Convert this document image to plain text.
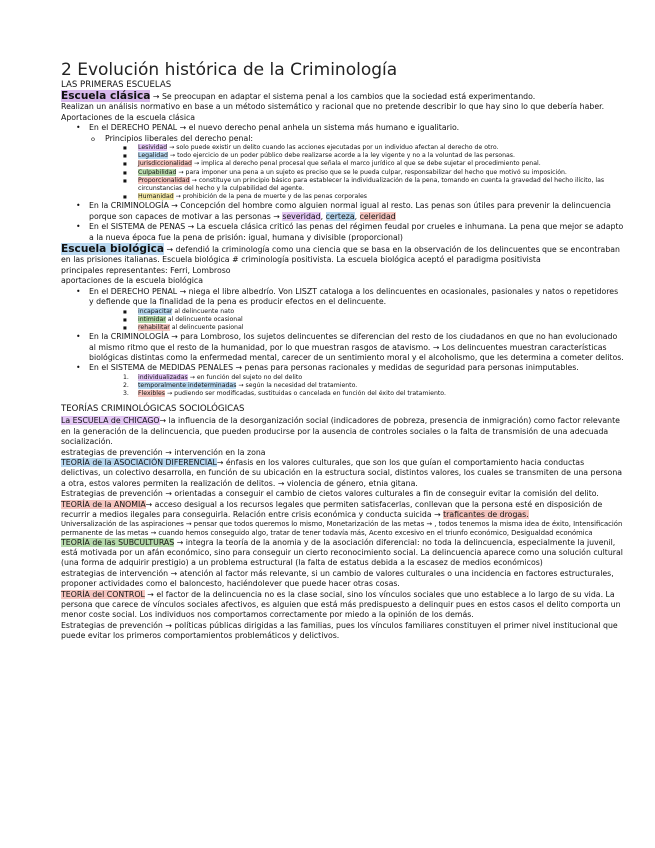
2 Evolución histórica de la Criminología
LAS PRIMERAS ESCUELAS

Escuela clásica → Se preocupan en adaptar el sistema penal a los cambios que la sociedad está experimentando.

Realizan un análisis normativo en base a un método sistemático y racional que no pretende describir lo que hay sino lo que debería haber.

Aportaciones de la escuela clásica

• En el DERECHO PENAL → el nuevo derecho penal anhela un sistema más humano e igualitario.
o Principios liberales del derecho penal:
■ Lesividad → solo puede existir un delito cuando las acciones ejecutadas por un individuo afectan al derecho de otro.
■ Legalidad → todo ejercicio de un poder público debe realizarse acorde a la ley vigente y no a la voluntad de las personas.
■ Jurisdiccionalidad → implica al derecho penal procesal que señala el marco jurídico al que se debe sujetar el procedimiento penal.
■ Culpabilidad → para imponer una pena a un sujeto es preciso que se le pueda culpar, responsabilizar del hecho que motivó su imposición.
■ Proporcionalidad → constituye un principio básico para establecer la individualización de la pena, tomando en cuenta la gravedad del hecho ilícito, las circunstancias del hecho y la culpabilidad del agente.
■ Humanidad → prohibición de la pena de muerte y de las penas corporales
• En la CRIMINOLOGÍA → Concepción del hombre como alguien normal igual al resto. Las penas son útiles para prevenir la delincuencia porque son capaces de motivar a las personas → severidad, certeza, celeridad
• En el SISTEMA de PENAS → La escuela clásica criticó las penas del régimen feudal por crueles e inhumana. La pena que mejor se adapto a la nueva época fue la pena de prisión: igual, humana y divisible (proporcional)

Escuela biológica → defendió la criminología como una ciencia que se basa en la observación de los delincuentes que se encontraban en las prisiones italianas. Escuela biológica # criminología positivista. La escuela biológica aceptó el paradigma positivista

principales representantes: Ferri, Lombroso

aportaciones de la escuela biológica

• En el DERECHO PENAL → niega el libre albedrío. Von LISZT cataloga a los delincuentes en ocasionales, pasionales y natos o repetidores y defiende que la finalidad de la pena es producir efectos en el delincuente.
■ incapacitar al delincuente nato
■ intimidar al delincuente ocasional
■ rehabilitar al delincuente pasional
• En la CRIMINOLOGÍA → para Lombroso, los sujetos delincuentes se diferencian del resto de los ciudadanos en que no han evolucionado al mismo ritmo que el resto de la humanidad, por lo que muestran rasgos de atavismo. → Los delincuentes muestran características biológicas distintas como la enfermedad mental, carecer de un sentimiento moral y el alcoholismo, que les determina a cometer delitos.
• En el SISTEMA de MEDIDAS PENALES → penas para personas racionales y medidas de seguridad para personas inimputables.
1. individualizadas → en función del sujeto no del delito
2. temporalmente indeterminadas → según la necesidad del tratamiento.
3. Flexibles → pudiendo ser modificadas, sustituidas o cancelada en función del éxito del tratamiento.
TEORÍAS CRIMINOLÓGICAS SOCIOLÓGICAS

La ESCUELA de CHICAGO→ la influencia de la desorganización social (indicadores de pobreza, presencia de inmigración) como factor relevante en la generación de la delincuencia, que pueden producirse por la ausencia de controles sociales o la falta de transmisión de una adecuada socialización.

estrategias de prevención → intervención en la zona

TEORÍA de la ASOCIACIÓN DIFERENCIAL→ énfasis en los valores culturales, que son los que guían el comportamiento hacia conductas delictivas, un colectivo desarrolla, en función de su ubicación en la estructura social, distintos valores, los cuales se transmiten de una persona a otra, estos valores permiten la realización de delitos. → violencia de género, etnia gitana.

Estrategias de prevención → orientadas a conseguir el cambio de cietos valores culturales a fin de conseguir evitar la comisión del delito.

TEORÍA de la ANOMIA→ acceso desigual a los recursos legales que permiten satisfacerlas, conllevan que la persona esté en disposición de recurrir a medios ilegales para conseguirla. Relación entre crisis económica y conducta suicida → traficantes de drogas.

Universalización de las aspiraciones → pensar que todos queremos lo mismo, Monetarización de las metas → , todos tenemos la misma idea de éxito, Intensificación permanente de las metas → cuando hemos conseguido algo, tratar de tener todavía más, Acento excesivo en el triunfo económico, Desigualdad económica

TEORÍA de las SUBCULTURAS → integra la teoría de la anomia y de la asociación diferencial: no toda la delincuencia, especialmente la juvenil, está motivada por un afán económico, sino para conseguir un cierto reconocimiento social. La delincuencia aparece como una solución cultural (una forma de adquirir prestigio) a un problema estructural (la falta de estatus debida a la escasez de medios económicos)

estrategias de intervención → atención al factor más relevante, si un cambio de valores culturales o una incidencia en factores estructurales, proponer actividades como el baloncesto, haciéndolever que puede hacer otras cosas.

TEORÍA del CONTROL → el factor de la delincuencia no es la clase social, sino los vínculos sociales que uno establece a lo largo de su vida. La persona que carece de vínculos sociales afectivos, es alguien que está más predispuesto a delinquir pues en estos casos el delito comporta un menor coste social. Los individuos nos comportamos correctamente por miedo a la opinión de los demás.

Estrategias de prevención → políticas públicas dirigidas a las familias, pues los vínculos familiares constituyen el primer nivel institucional que puede evitar los primeros comportamientos problemáticos y delictivos.
